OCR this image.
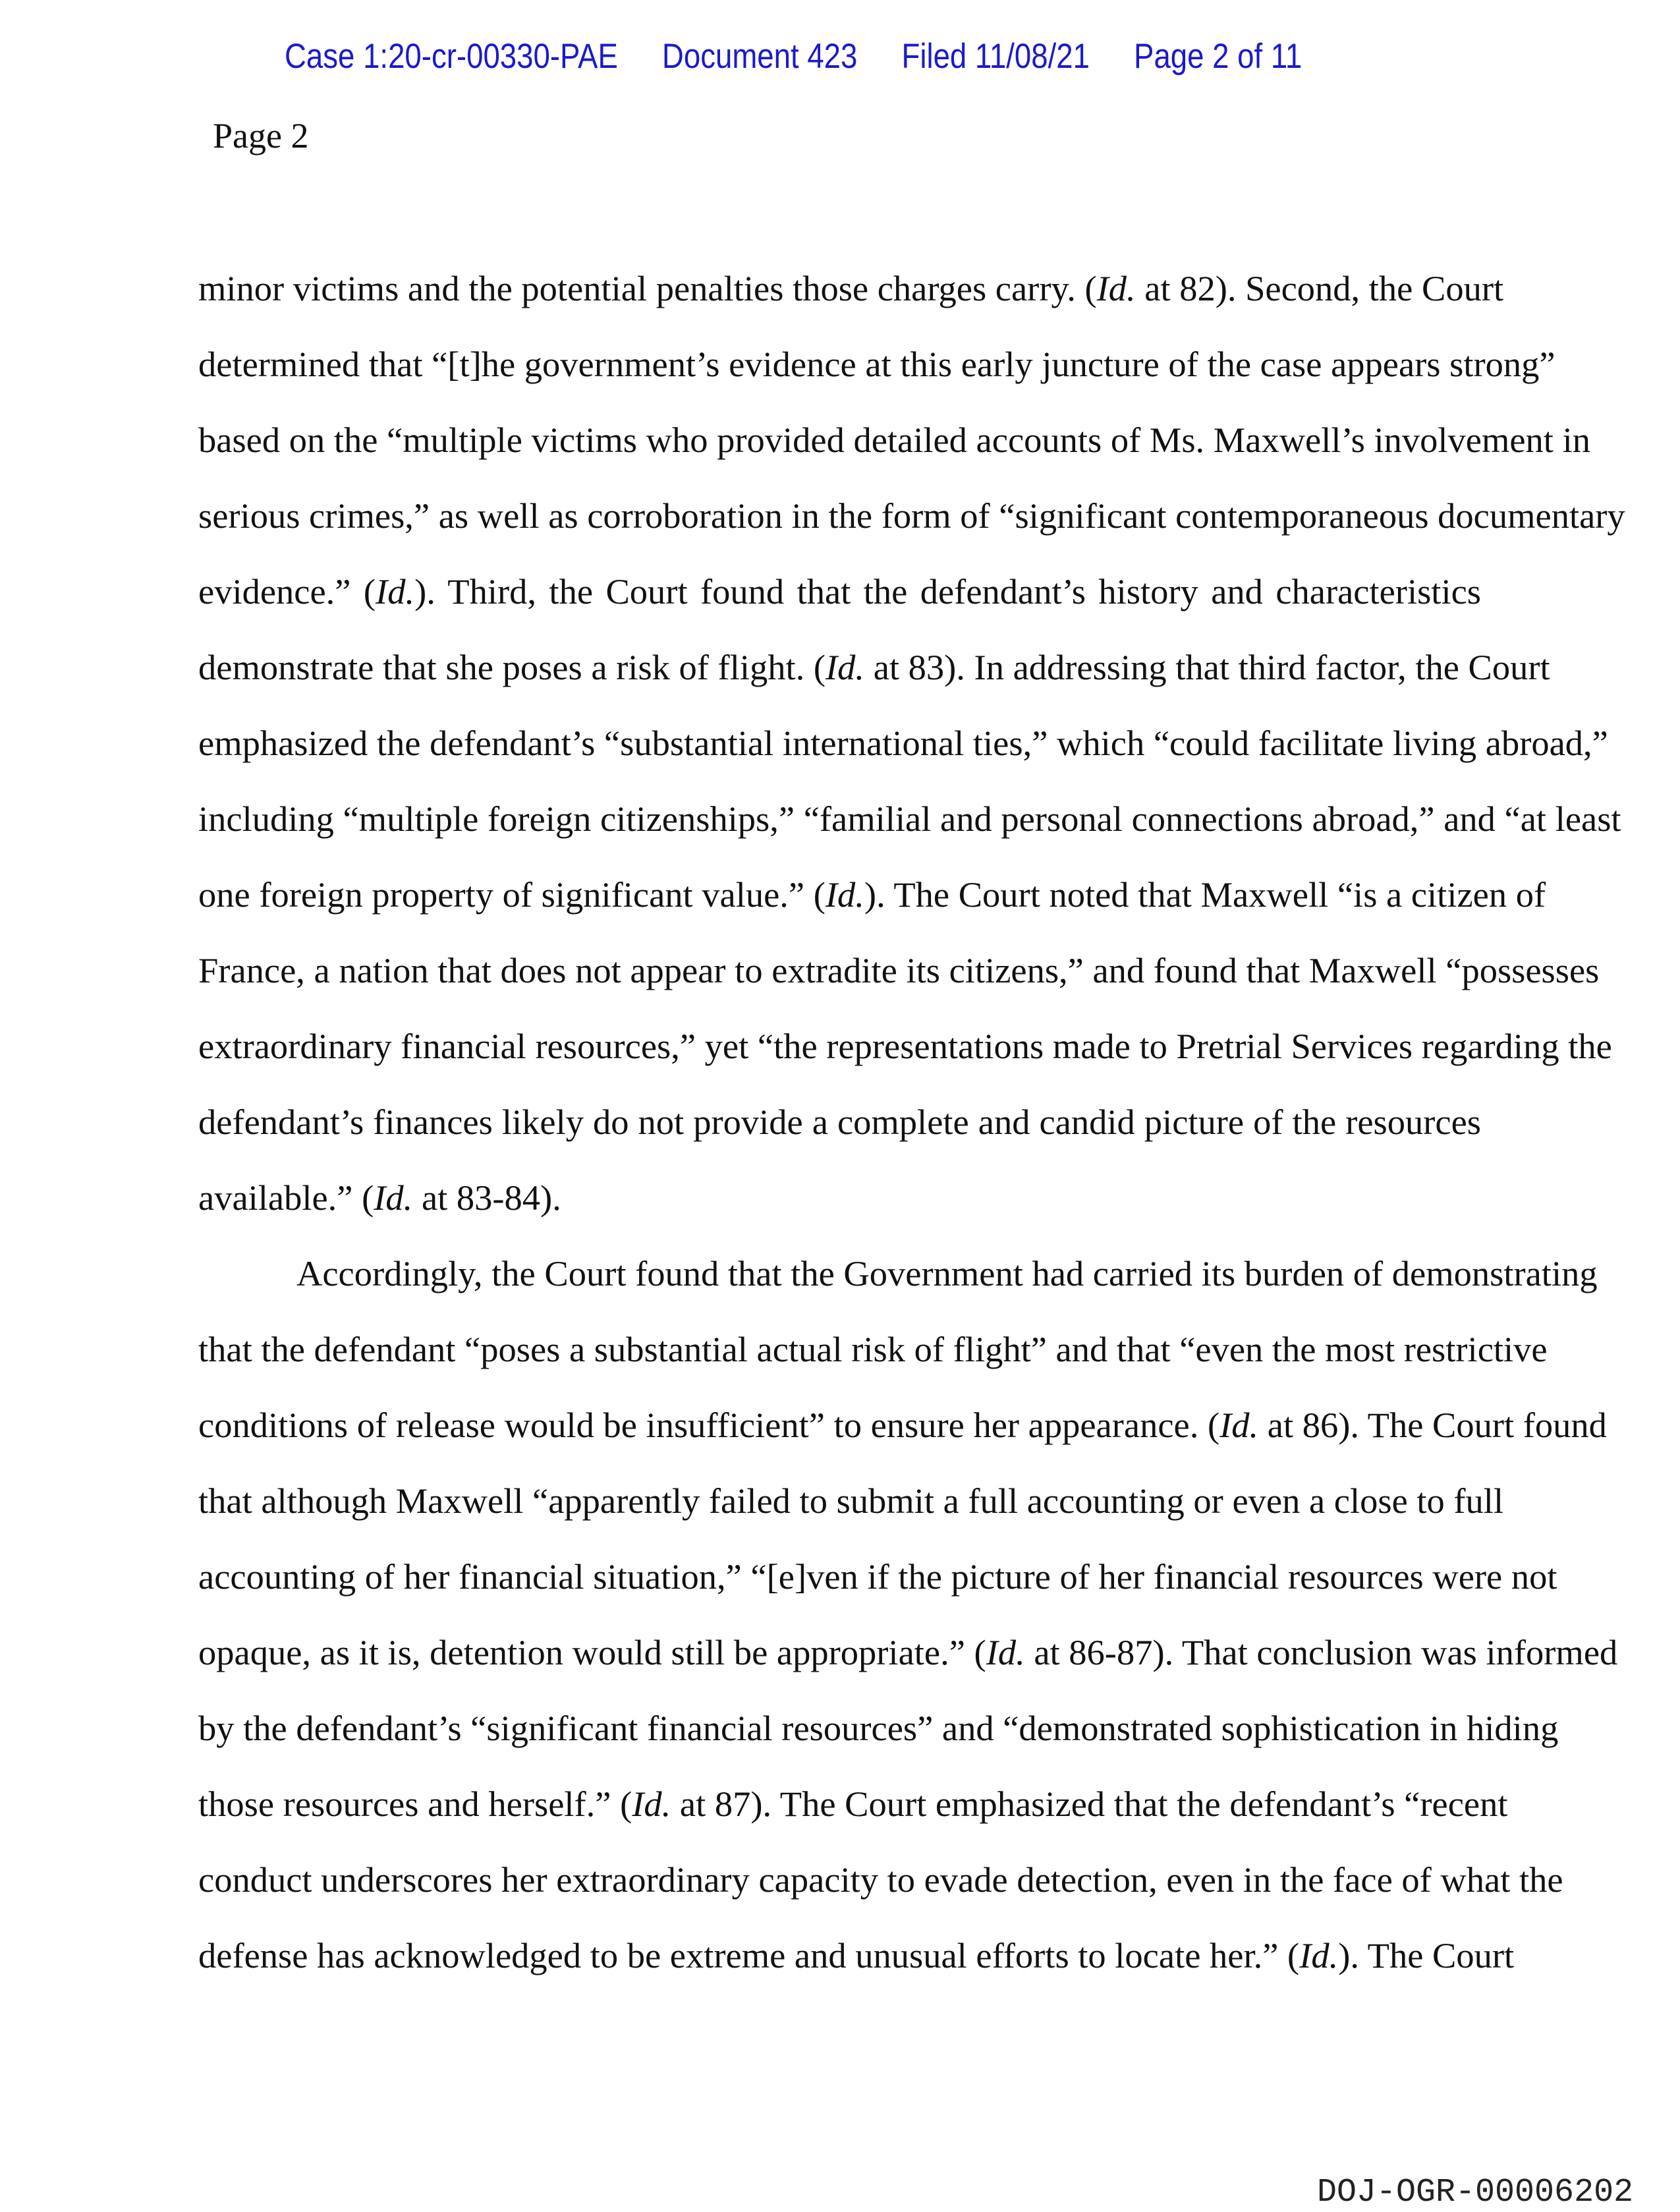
Case 1:20-cr-00330-PAE Document 423 Filed 11/08/21 Page 2 of 11
Page 2
minor victims and the potential penalties those charges carry. (Id. at 82). Second, the Court
determined that “[t]he government’s evidence at this early juncture of the case appears strong”
based on the “multiple victims who provided detailed accounts of Ms. Maxwell’s involvement in
serious crimes,” as well as corroboration in the form of “significant contemporaneous documentary
evidence.” (Id.). Third, the Court found that the defendant’s history and characteristics
demonstrate that she poses a risk of flight. (Id. at 83). In addressing that third factor, the Court
emphasized the defendant’s “substantial international ties,” which “could facilitate living abroad,”
including “multiple foreign citizenships,” “familial and personal connections abroad,” and “at least
one foreign property of significant value.” (Id.). The Court noted that Maxwell “is a citizen of
France, a nation that does not appear to extradite its citizens,” and found that Maxwell “possesses
extraordinary financial resources,” yet “the representations made to Pretrial Services regarding the
defendant’s finances likely do not provide a complete and candid picture of the resources
available.” (Id. at 83-84).
Accordingly, the Court found that the Government had carried its burden of demonstrating
that the defendant “poses a substantial actual risk of flight” and that “even the most restrictive
conditions of release would be insufficient” to ensure her appearance. (Id. at 86). The Court found
that although Maxwell “apparently failed to submit a full accounting or even a close to full
accounting of her financial situation,” “[e]ven if the picture of her financial resources were not
opaque, as it is, detention would still be appropriate.” (Id. at 86-87). That conclusion was informed
by the defendant’s “significant financial resources” and “demonstrated sophistication in hiding
those resources and herself.” (Id. at 87). The Court emphasized that the defendant’s “recent
conduct underscores her extraordinary capacity to evade detection, even in the face of what the
defense has acknowledged to be extreme and unusual efforts to locate her.” (Id.). The Court
DOJ-OGR-00006202
